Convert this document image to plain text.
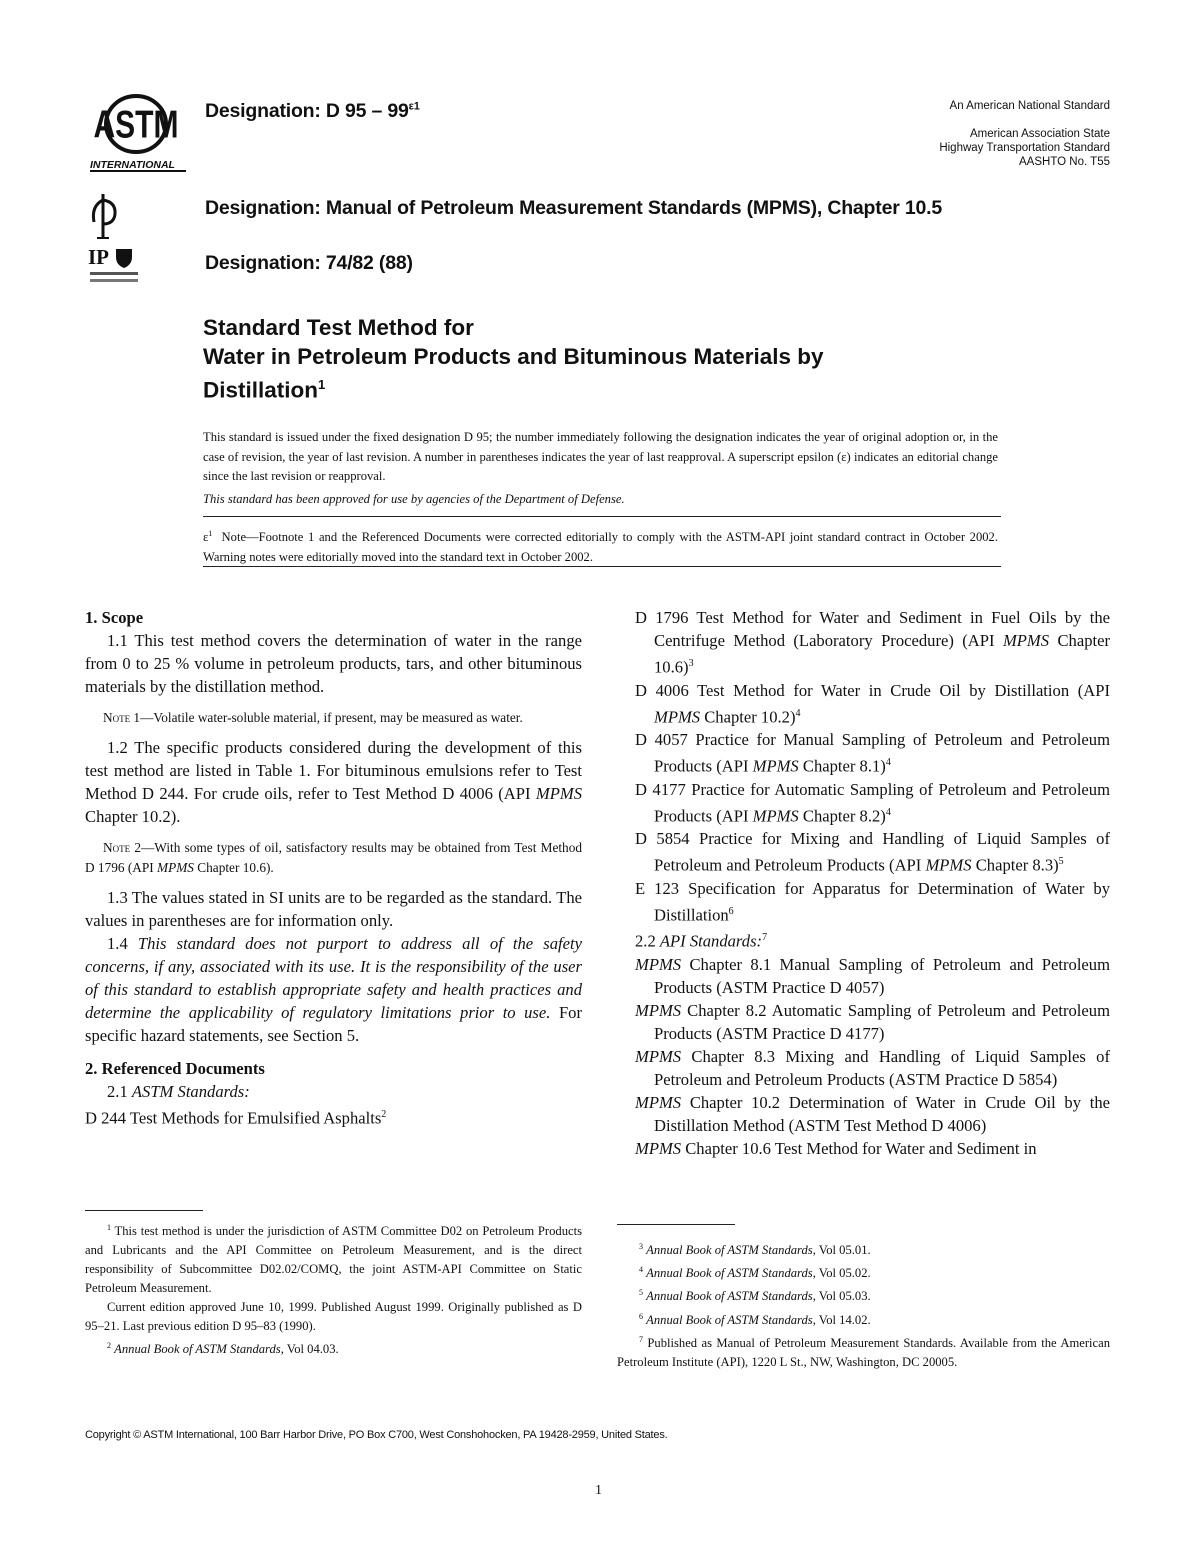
ASTM
INTERNATIONAL
IP
Designation: D $95 - 99^{\varepsilon 1}$
Designation: Manual of Petroleum Measurement Standards (MPMS), Chapter 10.5
Designation: 74/82 (88)
An American National Standard
American Association State
Highway Transportation Standard
AASHTO No. T55
Standard Test Method for
Water in Petroleum Products and Bituminous Materials by
Distillation$^1$
This standard is issued under the fixed designation D 95; the number immediately following the designation indicates the year of original adoption or, in the case of revision, the year of last revision. A number in parentheses indicates the year of last reapproval. A superscript epsilon (ε) indicates an editorial change since the last revision or reapproval.
This standard has been approved for use by agencies of the Department of Defense.
$\varepsilon^1$ Note—Footnote 1 and the Referenced Documents were corrected editorially to comply with the ASTM-API joint standard contract in October 2002. Warning notes were editorially moved into the standard text in October 2002.

1. Scope

1.1 This test method covers the determination of water in the range from 0 to 25 % volume in petroleum products, tars, and other bituminous materials by the distillation method.

Note 1—Volatile water-soluble material, if present, may be measured as water.

1.2 The specific products considered during the development of this test method are listed in Table 1. For bituminous emulsions refer to Test Method D 244. For crude oils, refer to Test Method D 4006 (API MPMS Chapter 10.2).

Note 2—With some types of oil, satisfactory results may be obtained from Test Method D 1796 (API MPMS Chapter 10.6).

1.3 The values stated in SI units are to be regarded as the standard. The values in parentheses are for information only.

1.4 This standard does not purport to address all of the safety concerns, if any, associated with its use. It is the responsibility of the user of this standard to establish appropriate safety and health practices and determine the applicability of regulatory limitations prior to use. For specific hazard statements, see Section 5.

2. Referenced Documents

2.1 ASTM Standards:

D 244 Test Methods for Emulsified Asphalts$^2$

D 1796 Test Method for Water and Sediment in Fuel Oils by the Centrifuge Method (Laboratory Procedure) (API MPMS Chapter 10.6)$^3$

D 4006 Test Method for Water in Crude Oil by Distillation (API MPMS Chapter 10.2)$^4$

D 4057 Practice for Manual Sampling of Petroleum and Petroleum Products (API MPMS Chapter 8.1)$^4$

D 4177 Practice for Automatic Sampling of Petroleum and Petroleum Products (API MPMS Chapter 8.2)$^4$

D 5854 Practice for Mixing and Handling of Liquid Samples of Petroleum and Petroleum Products (API MPMS Chapter 8.3)$^5$

E 123 Specification for Apparatus for Determination of Water by Distillation$^6$

2.2 API Standards:$^7$

MPMS Chapter 8.1 Manual Sampling of Petroleum and Petroleum Products (ASTM Practice D 4057)

MPMS Chapter 8.2 Automatic Sampling of Petroleum and Petroleum Products (ASTM Practice D 4177)

MPMS Chapter 8.3 Mixing and Handling of Liquid Samples of Petroleum and Petroleum Products (ASTM Practice D 5854)

MPMS Chapter 10.2 Determination of Water in Crude Oil by the Distillation Method (ASTM Test Method D 4006)

MPMS Chapter 10.6 Test Method for Water and Sediment in

$^1$ This test method is under the jurisdiction of ASTM Committee D02 on Petroleum Products and Lubricants and the API Committee on Petroleum Measurement, and is the direct responsibility of Subcommittee D02.02/COMQ, the joint ASTM-API Committee on Static Petroleum Measurement.

Current edition approved June 10, 1999. Published August 1999. Originally published as D 95–21. Last previous edition D 95–83 (1990).

$^2$ Annual Book of ASTM Standards, Vol 04.03.

$^3$ Annual Book of ASTM Standards, Vol 05.01.

$^4$ Annual Book of ASTM Standards, Vol 05.02.

$^5$ Annual Book of ASTM Standards, Vol 05.03.

$^6$ Annual Book of ASTM Standards, Vol 14.02.

$^7$ Published as Manual of Petroleum Measurement Standards. Available from the American Petroleum Institute (API), 1220 L St., NW, Washington, DC 20005.

Copyright © ASTM International, 100 Barr Harbor Drive, PO Box C700, West Conshohocken, PA 19428-2959, United States.
1
